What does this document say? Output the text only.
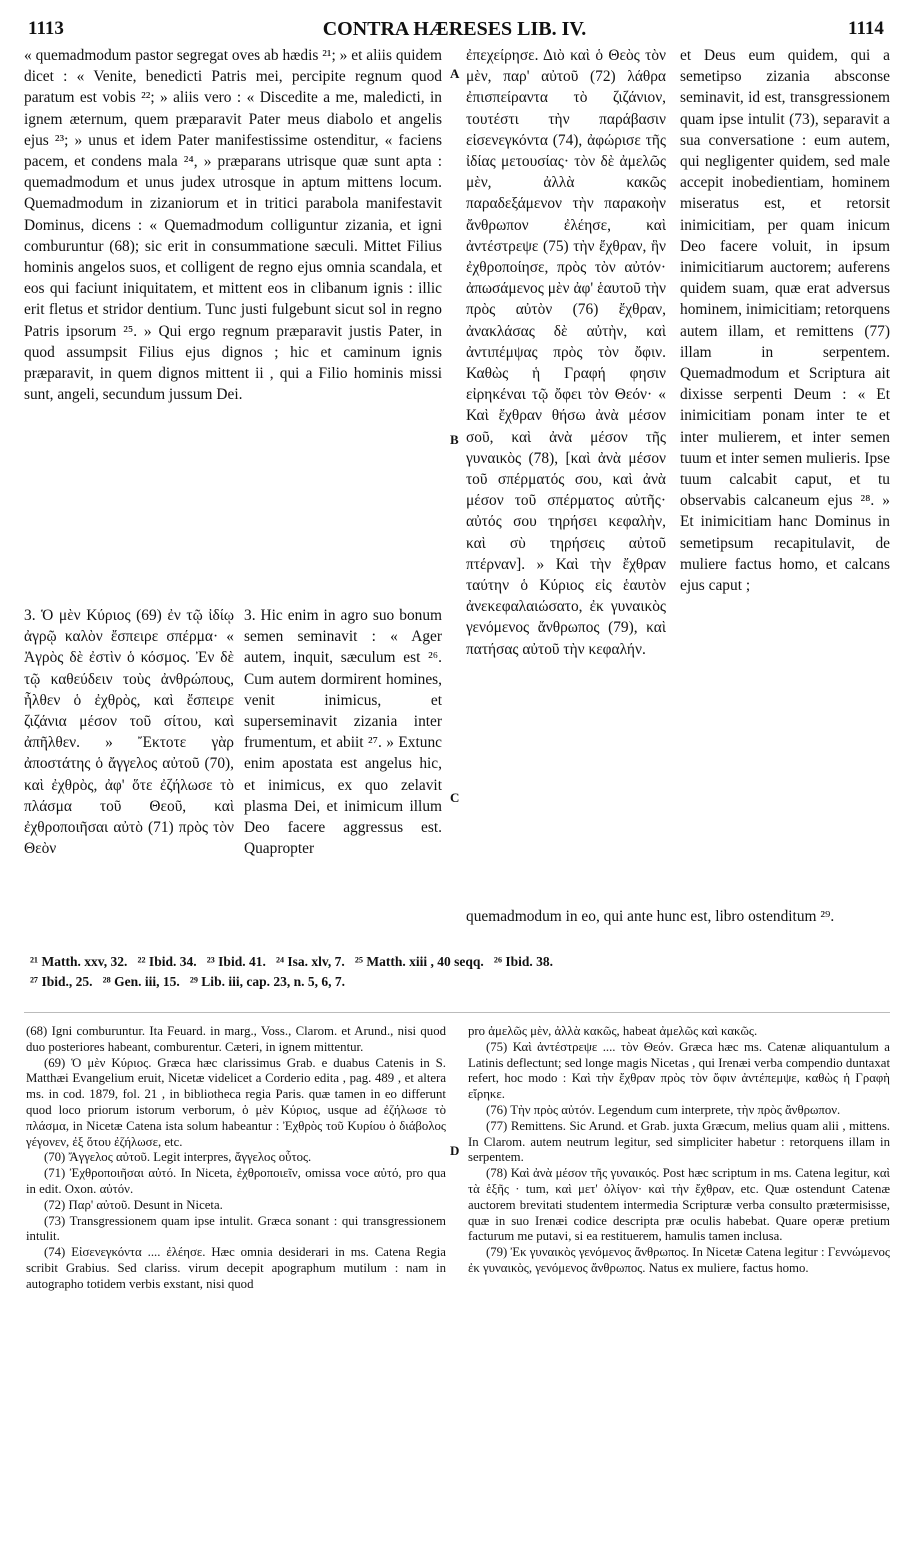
1113	CONTRA HÆRESES LIB. IV.	1114
A
B
C
D

« quemadmodum pastor segregat oves ab hædis ²¹; » et aliis quidem dicet : « Venite, benedicti Patris mei, percipite regnum quod paratum est vobis ²²; » aliis vero : « Discedite a me, maledicti, in ignem æternum, quem præparavit Pater meus diabolo et angelis ejus ²³; » unus et idem Pater manifestissime ostenditur, « faciens pacem, et condens mala ²⁴, » præparans utrisque quæ sunt apta : quemadmodum et unus judex utrosque in aptum mittens locum. Quemadmodum in zizaniorum et in tritici parabola manifestavit Dominus, dicens : « Quemadmodum colliguntur zizania, et igni comburuntur (68); sic erit in consummatione sæculi. Mittet Filius hominis angelos suos, et colligent de regno ejus omnia scandala, et eos qui faciunt iniquitatem, et mittent eos in clibanum ignis : illic erit fletus et stridor dentium. Tunc justi fulgebunt sicut sol in regno Patris ipsorum ²⁵. » Qui ergo regnum præparavit justis Pater, in quod assumpsit Filius ejus dignos ; hic et caminum ignis præparavit, in quem dignos mittent ii , qui a Filio hominis missi sunt, angeli, secundum jussum Dei.

3. Ὁ μὲν Κύριος (69) ἐν τῷ ἰδίῳ ἀγρῷ καλὸν ἔσπειρε σπέρμα· « Ἀγρὸς δὲ ἐστὶν ὁ κόσμος. Ἐν δὲ τῷ καθεύδειν τοὺς ἀνθρώπους, ἦλθεν ὁ ἐχθρὸς, καὶ ἔσπειρε ζιζάνια μέσον τοῦ σίτου, καὶ ἀπῆλθεν. » Ἔκτοτε γὰρ ἀποστάτης ὁ ἄγγελος αὐτοῦ (70), καὶ ἐχθρὸς, ἀφ' ὅτε ἐζήλωσε τὸ πλάσμα τοῦ Θεοῦ, καὶ ἐχθροποιῆσαι αὐτὸ (71) πρὸς τὸν Θεὸν

3. Hic enim in agro suo bonum semen seminavit : « Ager autem, inquit, sæculum est ²⁶. Cum autem dormirent homines, venit inimicus, et superseminavit zizania inter frumentum, et abiit ²⁷. » Extunc enim apostata est angelus hic, et inimicus, ex quo zelavit plasma Dei, et inimicum illum Deo facere aggressus est. Quapropter

ἐπεχείρησε. Διὸ καὶ ὁ Θεὸς τὸν μὲν, παρ' αὐτοῦ (72) λάθρα ἐπισπείραντα τὸ ζιζάνιον, τουτέστι τὴν παράβασιν εἰσενεγκόντα (74), ἀφώρισε τῆς ἰδίας μετουσίας· τὸν δὲ ἀμελῶς μὲν, ἀλλὰ κακῶς παραδεξάμενον τὴν παρακοὴν ἄνθρωπον ἐλέησε, καὶ ἀντέστρεψε (75) τὴν ἔχθραν, ἣν ἐχθροποίησε, πρὸς τὸν αὐτόν· ἀπωσάμενος μὲν ἀφ' ἑαυτοῦ τὴν πρὸς αὐτὸν (76) ἔχθραν, ἀνακλάσας δὲ αὐτὴν, καὶ ἀντιπέμψας πρὸς τὸν ὄφιν. Καθὼς ἡ Γραφή φησιν εἰρηκέναι τῷ ὄφει τὸν Θεόν· « Καὶ ἔχθραν θήσω ἀνὰ μέσον σοῦ, καὶ ἀνὰ μέσον τῆς γυναικὸς (78), [καὶ ἀνὰ μέσον τοῦ σπέρματός σου, καὶ ἀνὰ μέσον τοῦ σπέρματος αὐτῆς· αὐτός σου τηρήσει κεφαλὴν, καὶ σὺ τηρήσεις αὐτοῦ πτέρναν]. » Καὶ τὴν ἔχθραν ταύτην ὁ Κύριος εἰς ἑαυτὸν ἀνεκεφαλαιώσατο, ἐκ γυναικὸς γενόμενος ἄνθρωπος (79), καὶ πατήσας αὐτοῦ τὴν κεφαλήν.

et Deus eum quidem, qui a semetipso zizania absconse seminavit, id est, transgressionem quam ipse intulit (73), separavit a sua conversatione : eum autem, qui negligenter quidem, sed male accepit inobedientiam, hominem miseratus est, et retorsit inimicitiam, per quam inicum Deo facere voluit, in ipsum inimicitiarum auctorem; auferens quidem suam, quæ erat adversus hominem, inimicitiam; retorquens autem illam, et remittens (77) illam in serpentem. Quemadmodum et Scriptura ait dixisse serpenti Deum : « Et inimicitiam ponam inter te et inter mulierem, et inter semen tuum et inter semen mulieris. Ipse tuum calcabit caput, et tu observabis calcaneum ejus ²⁸. » Et inimicitiam hanc Dominus in semetipsum recapitulavit, de muliere factus homo, et calcans ejus caput ;

quemadmodum in eo, qui ante hunc est, libro ostenditum ²⁹.

²¹ Matth. xxv, 32.   ²² Ibid. 34.   ²³ Ibid. 41.   ²⁴ Isa. xlv, 7.   ²⁵ Matth. xiii , 40 seqq.   ²⁶ Ibid. 38.
²⁷ Ibid., 25.   ²⁸ Gen. iii, 15.   ²⁹ Lib. iii, cap. 23, n. 5, 6, 7.

(68) Igni comburuntur. Ita Feuard. in marg., Voss., Clarom. et Arund., nisi quod duo posteriores habeant, comburentur. Cæteri, in ignem mittentur.

(69) Ὁ μὲν Κύριος. Græca hæc clarissimus Grab. e duabus Catenis in S. Matthæi Evangelium eruit, Nicetæ videlicet a Corderio edita , pag. 489 , et altera ms. in cod. 1879, fol. 21 , in bibliotheca regia Paris. quæ tamen in eo differunt quod loco priorum istorum verborum, ὁ μὲν Κύριος, usque ad ἐζήλωσε τὸ πλάσμα, in Nicetæ Catena ista solum habeantur : Ἐχθρὸς τοῦ Κυρίου ὁ διάβολος γέγονεν, ἐξ ὅτου ἐζήλωσε, etc.

(70) Ἄγγελος αὐτοῦ. Legit interpres, ἄγγελος οὗτος.

(71) Ἐχθροποιῆσαι αὐτό. In Niceta, ἐχθροποιεῖν, omissa voce αὐτό, pro qua in edit. Oxon. αὐτόν.

(72) Παρ' αὐτοῦ. Desunt in Niceta.

(73) Transgressionem quam ipse intulit. Græca sonant : qui transgressionem intulit.

(74) Εἰσενεγκόντα .... ἐλέησε. Hæc omnia desiderari in ms. Catena Regia scribit Grabius. Sed clariss. virum decepit apographum mutilum : nam in autographo totidem verbis exstant, nisi quod

pro ἀμελῶς μὲν, ἀλλὰ κακῶς, habeat ἀμελῶς καὶ κακῶς.

(75) Καὶ ἀντέστρεψε .... τὸν Θεόν. Græca hæc ms. Catenæ aliquantulum a Latinis deflectunt; sed longe magis Nicetas , qui Irenæi verba compendio duntaxat refert, hoc modo : Καὶ τὴν ἔχθραν πρὸς τὸν ὄφιν ἀντέπεμψε, καθὼς ἡ Γραφὴ εἴρηκε.

(76) Τὴν πρὸς αὐτόν. Legendum cum interprete, τὴν πρὸς ἄνθρωπον.

(77) Remittens. Sic Arund. et Grab. juxta Græcum, melius quam alii , mittens. In Clarom. autem neutrum legitur, sed simpliciter habetur : retorquens illam in serpentem.

(78) Καὶ ἀνὰ μέσον τῆς γυναικός. Post hæc scriptum in ms. Catena legitur, καὶ τὰ ἑξῆς · tum, καὶ μετ' ὀλίγον· καὶ τὴν ἔχθραν, etc. Quæ ostendunt Catenæ auctorem brevitati studentem intermedia Scripturæ verba consulto prætermisisse, quæ in suo Irenæi codice descripta præ oculis habebat. Quare operæ pretium facturum me putavi, si ea restituerem, hamulis tamen inclusa.

(79) Ἐκ γυναικὸς γενόμενος ἄνθρωπος. In Nicetæ Catena legitur : Γεννώμενος ἐκ γυναικὸς, γενόμενος ἄνθρωπος. Natus ex muliere, factus homo.
